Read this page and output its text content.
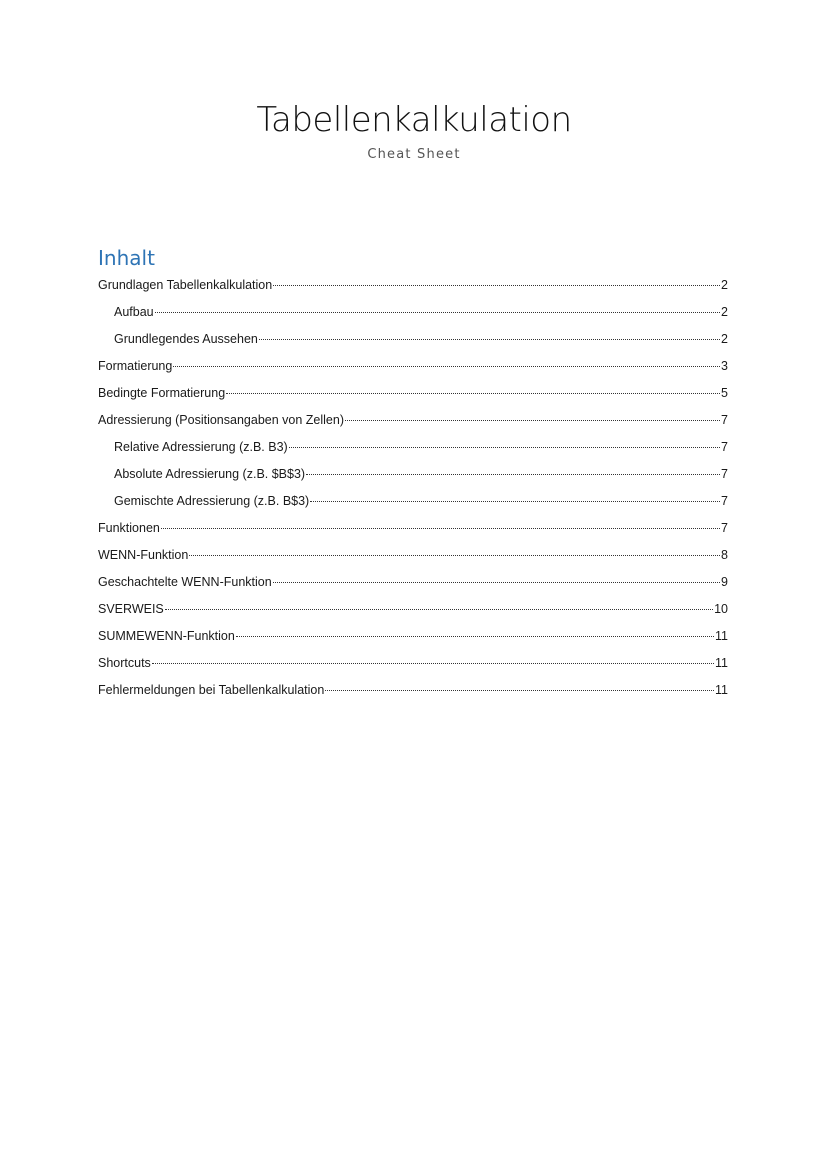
Tabellenkalkulation
Cheat Sheet
Inhalt
Grundlagen Tabellenkalkulation	2
Aufbau	2
Grundlegendes Aussehen	2
Formatierung	3
Bedingte Formatierung	5
Adressierung (Positionsangaben von Zellen)	7
Relative Adressierung (z.B. B3)	7
Absolute Adressierung (z.B. $B$3)	7
Gemischte Adressierung (z.B. B$3)	7
Funktionen	7
WENN-Funktion	8
Geschachtelte WENN-Funktion	9
SVERWEIS	10
SUMMEWENN-Funktion	11
Shortcuts	11
Fehlermeldungen bei Tabellenkalkulation	11
